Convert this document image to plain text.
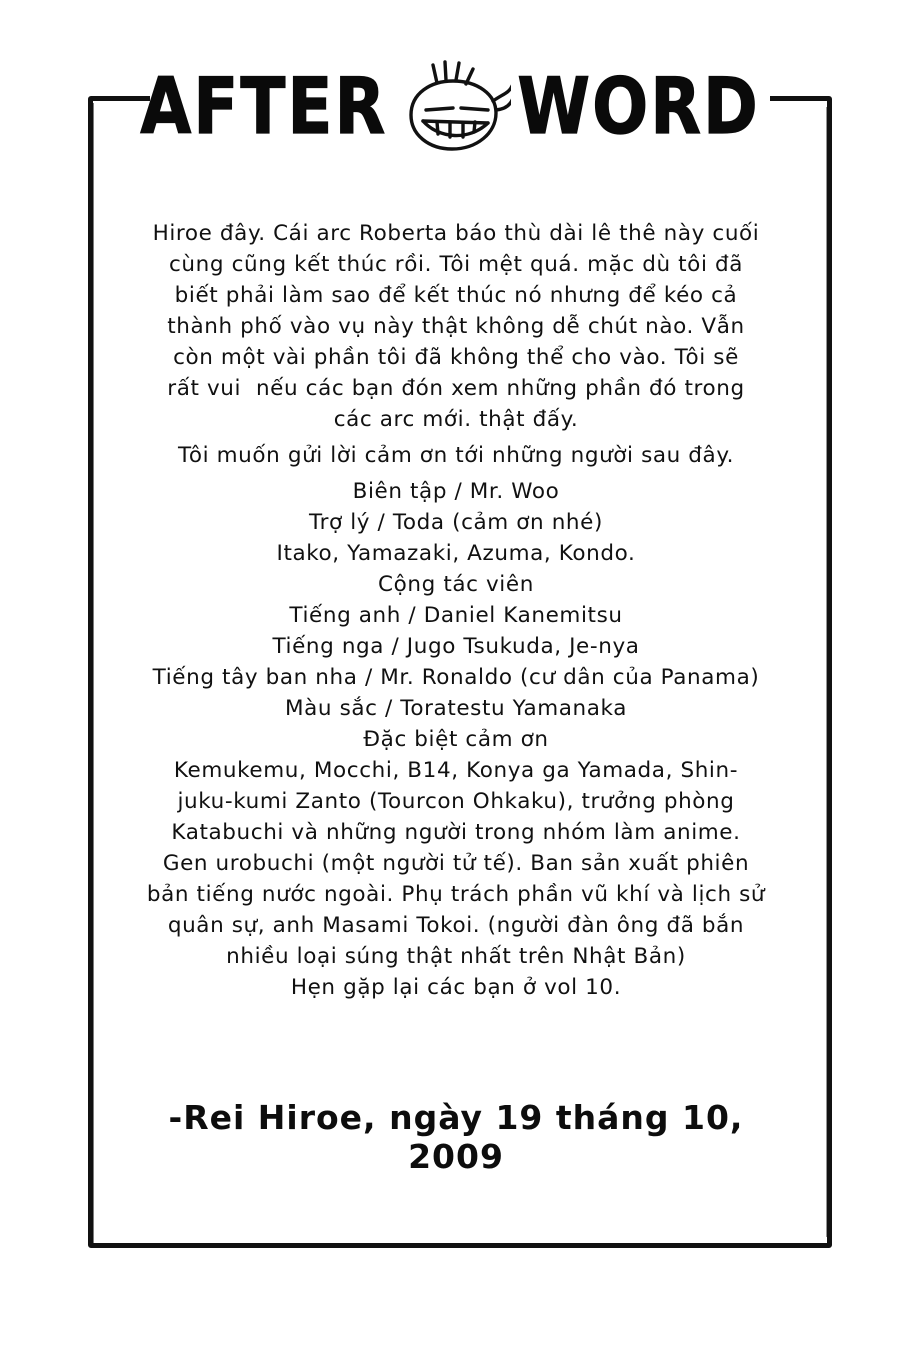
AFTER WORD
Hiroe đây. Cái arc Roberta báo thù dài lê thê này cuối
cùng cũng kết thúc rồi. Tôi mệt quá. mặc dù tôi đã
biết phải làm sao để kết thúc nó nhưng để kéo cả
thành phố vào vụ này thật không dễ chút nào. Vẫn
còn một vài phần tôi đã không thể cho vào. Tôi sẽ
rất vui  nếu các bạn đón xem những phần đó trong
các arc mới. thật đấy.
Tôi muốn gửi lời cảm ơn tới những người sau đây.
Biên tập / Mr. Woo
Trợ lý / Toda (cảm ơn nhé)
Itako, Yamazaki, Azuma, Kondo.
Cộng tác viên
Tiếng anh / Daniel Kanemitsu
Tiếng nga / Jugo Tsukuda, Je-nya
Tiếng tây ban nha / Mr. Ronaldo (cư dân của Panama)
Màu sắc / Toratestu Yamanaka
Đặc biệt cảm ơn
Kemukemu, Mocchi, B14, Konya ga Yamada, Shin-
juku-kumi Zanto (Tourcon Ohkaku), trưởng phòng
Katabuchi và những người trong nhóm làm anime.
Gen urobuchi (một người tử tế). Ban sản xuất phiên
bản tiếng nước ngoài. Phụ trách phần vũ khí và lịch sử
quân sự, anh Masami Tokoi. (người đàn ông đã bắn
nhiều loại súng thật nhất trên Nhật Bản)
Hẹn gặp lại các bạn ở vol 10.
-Rei Hiroe, ngày 19 tháng 10, 2009
